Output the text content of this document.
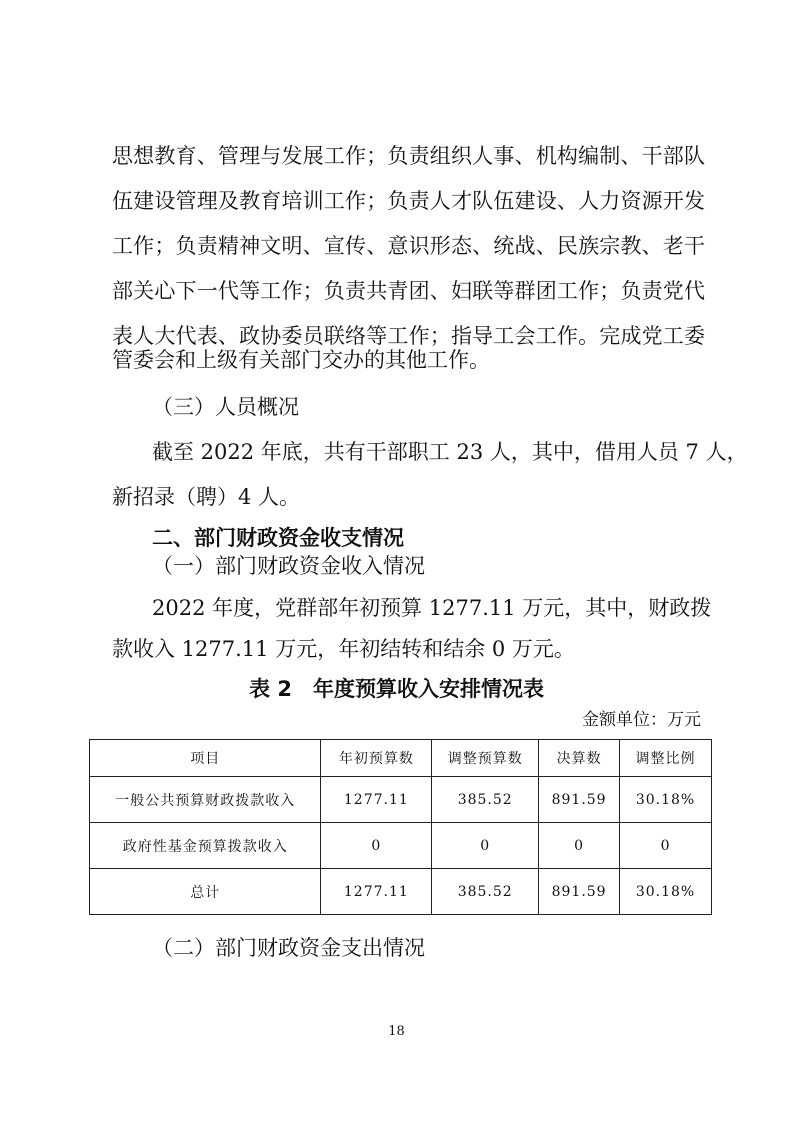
思想教育、管理与发展工作；负责组织人事、机构编制、干部队
伍建设管理及教育培训工作；负责人才队伍建设、人力资源开发
工作；负责精神文明、宣传、意识形态、统战、民族宗教、老干
部关心下一代等工作；负责共青团、妇联等群团工作；负责党代
表人大代表、政协委员联络等工作；指导工会工作。完成党工委
管委会和上级有关部门交办的其他工作。
（三）人员概况
截至 2022 年底，共有干部职工 23 人，其中，借用人员 7 人，
新招录（聘）4 人。
二、部门财政资金收支情况
（一）部门财政资金收入情况
2022 年度，党群部年初预算 1277.11 万元，其中，财政拨
款收入 1277.11 万元，年初结转和结余 0 万元。
表 2　年度预算收入安排情况表
金额单位：万元
项目	年初预算数	调整预算数	决算数	调整比例
一般公共预算财政拨款收入	1277.11	385.52	891.59	30.18%
政府性基金预算拨款收入	0	0	0	0
总计	1277.11	385.52	891.59	30.18%
（二）部门财政资金支出情况
18
